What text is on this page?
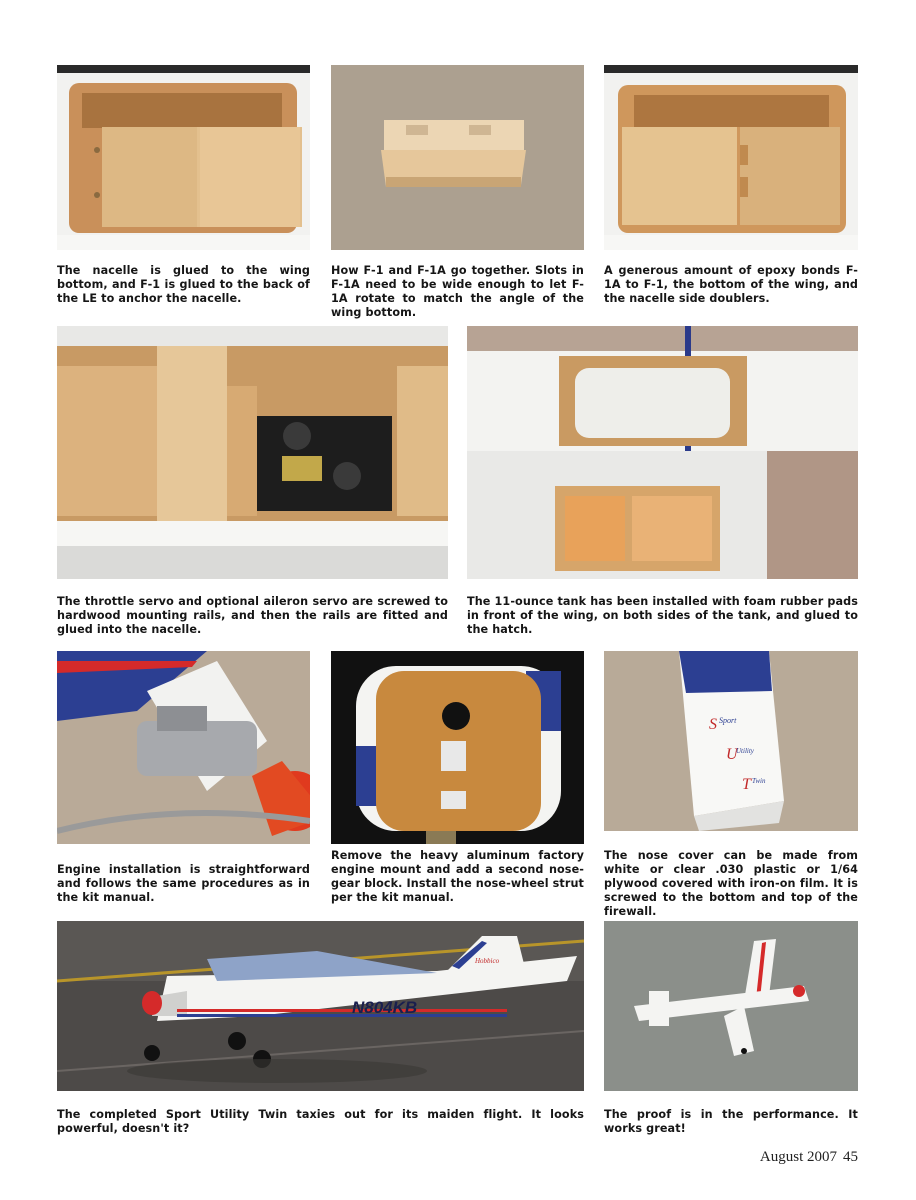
The nacelle is glued to the wing bottom, and F-1 is glued to the back of the LE to anchor the nacelle.
How F-1 and F-1A go together. Slots in F-1A need to be wide enough to let F-1A rotate to match the angle of the wing bottom.
A generous amount of epoxy bonds F-1A to F-1, the bottom of the wing, and the nacelle side doublers.
The throttle servo and optional aileron servo are screwed to hardwood mounting rails, and then the rails are fitted and glued into the nacelle.
The 11-ounce tank has been installed with foam rubber pads in front of the wing, on both sides of the tank, and glued to the hatch.
S Sport
U
Utility
T Twin
Engine installation is straightforward and follows the same procedures as in the kit manual.
Remove the heavy aluminum factory engine mount and add a second nose-gear block. Install the nose-wheel strut per the kit manual.
The nose cover can be made from white or clear .030 plastic or 1/64 plywood covered with iron-on film. It is screwed to the bottom and top of the firewall.
N804KB
Hobbico
The completed Sport Utility Twin taxies out for its maiden flight. It looks powerful, doesn't it?
The proof is in the performance. It works great!
August 2007 45
